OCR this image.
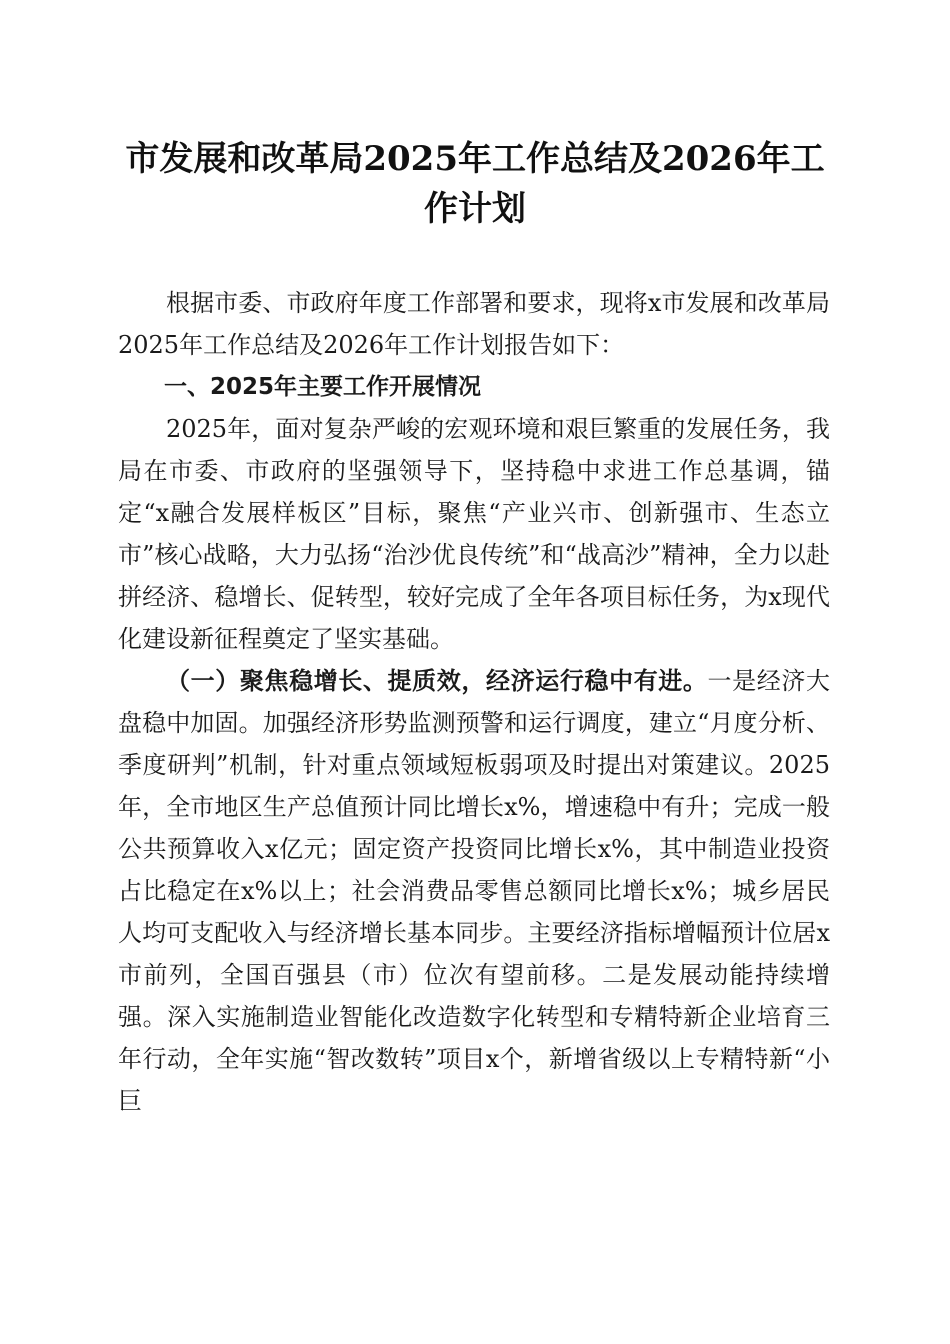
市发展和改革局2025年工作总结及2026年工作计划

根据市委、市政府年度工作部署和要求，现将x市发展和改革局2025年工作总结及2026年工作计划报告如下：

一、2025年主要工作开展情况

2025年，面对复杂严峻的宏观环境和艰巨繁重的发展任务，我局在市委、市政府的坚强领导下，坚持稳中求进工作总基调，锚定“x融合发展样板区”目标，聚焦“产业兴市、创新强市、生态立市”核心战略，大力弘扬“治沙优良传统”和“战高沙”精神，全力以赴拼经济、稳增长、促转型，较好完成了全年各项目标任务，为x现代化建设新征程奠定了坚实基础。

（一）聚焦稳增长、提质效，经济运行稳中有进。一是经济大盘稳中加固。加强经济形势监测预警和运行调度，建立“月度分析、季度研判”机制，针对重点领域短板弱项及时提出对策建议。2025年，全市地区生产总值预计同比增长x%，增速稳中有升；完成一般公共预算收入x亿元；固定资产投资同比增长x%，其中制造业投资占比稳定在x%以上；社会消费品零售总额同比增长x%；城乡居民人均可支配收入与经济增长基本同步。主要经济指标增幅预计位居x市前列，全国百强县（市）位次有望前移。二是发展动能持续增强。深入实施制造业智能化改造数字化转型和专精特新企业培育三年行动，全年实施“智改数转”项目x个，新增省级以上专精特新“小巨
